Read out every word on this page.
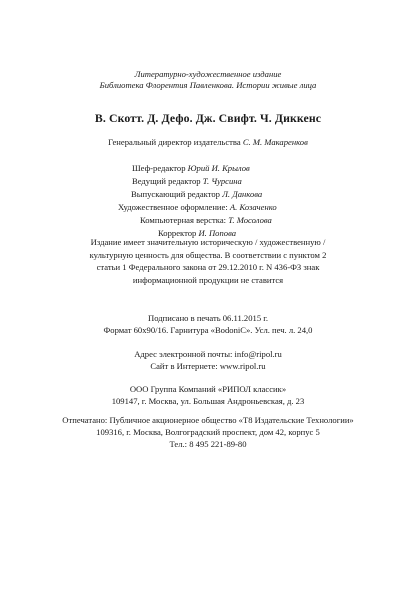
Литературно-художественное издание
Библиотека Флорентия Павленкова. Истории живые лица
В. Скотт. Д. Дефо. Дж. Свифт. Ч. Диккенс
Генеральный директор издательства С. М. Макаренков
Шеф-редактор Юрий И. Крылов
Ведущий редактор Т. Чурсина
Выпускающий редактор Л. Данкова
Художественное оформление: А. Козаченко
Компьютерная верстка: Т. Мосолова
Корректор И. Попова
Издание имеет значительную историческую / художественную /
культурную ценность для общества. В соответствии с пунктом 2
статьи 1 Федерального закона от 29.12.2010 г. N 436-ФЗ знак
информационной продукции не ставится
Подписано в печать 06.11.2015 г.
Формат 60х90/16. Гарнитура «BodoniC». Усл. печ. л. 24,0
Адрес электронной почты: info@ripol.ru
Сайт в Интернете: www.ripol.ru
ООО Группа Компаний «РИПОЛ классик»
109147, г. Москва, ул. Большая Андроньевская, д. 23
Отпечатано: Публичное акционерное общество «Т8 Издательские Технологии»
109316, г. Москва, Волгоградский проспект, дом 42, корпус 5
Тел.: 8 495 221-89-80
